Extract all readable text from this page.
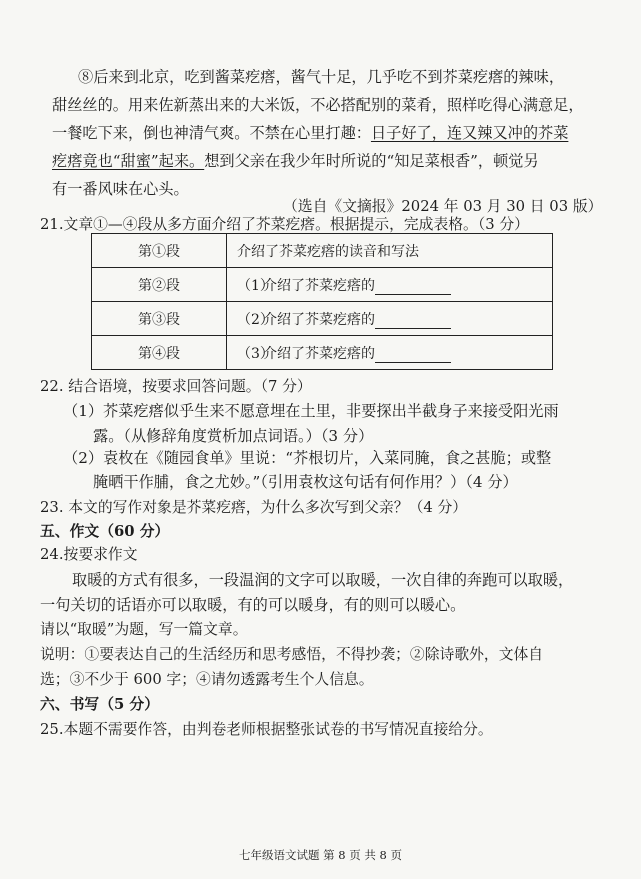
⑧后来到北京，吃到酱菜疙瘩，酱气十足，几乎吃不到芥菜疙瘩的辣味，
甜丝丝的。用来佐新蒸出来的大米饭，不必搭配别的菜肴，照样吃得心满意足，
一餐吃下来，倒也神清气爽。不禁在心里打趣：日子好了，连又辣又冲的芥菜
疙瘩竟也“甜蜜”起来。想到父亲在我少年时所说的“知足菜根香”，顿觉另
有一番风味在心头。
（选自《文摘报》2024 年 03 月 30 日 03 版）
21.文章①—④段从多方面介绍了芥菜疙瘩。根据提示，完成表格。（3 分）
第①段	介绍了芥菜疙瘩的读音和写法
第②段	（1）介绍了芥菜疙瘩的
第③段	（2）介绍了芥菜疙瘩的
第④段	（3）介绍了芥菜疙瘩的
22. 结合语境，按要求回答问题。（7 分）
（1）芥菜疙瘩似乎生来不愿意埋在土里，非要探出半截身子来接受阳光雨
露。（从修辞角度赏析加点词语。）（3 分）
（2）袁枚在《随园食单》里说：“芥根切片，入菜同腌，食之甚脆；或整
腌晒干作脯，食之尤妙。”（引用袁枚这句话有何作用？）（4 分）
23. 本文的写作对象是芥菜疙瘩，为什么多次写到父亲？（4 分）
五、作文（60 分）
24.按要求作文
取暖的方式有很多，一段温润的文字可以取暖，一次自律的奔跑可以取暖，
一句关切的话语亦可以取暖，有的可以暖身，有的则可以暖心。
请以“取暖”为题，写一篇文章。
说明：①要表达自己的生活经历和思考感悟，不得抄袭；②除诗歌外，文体自
选；③不少于 600 字；④请勿透露考生个人信息。
六、书写（5 分）
25.本题不需要作答，由判卷老师根据整张试卷的书写情况直接给分。
七年级语文试题 第 8 页 共 8 页
